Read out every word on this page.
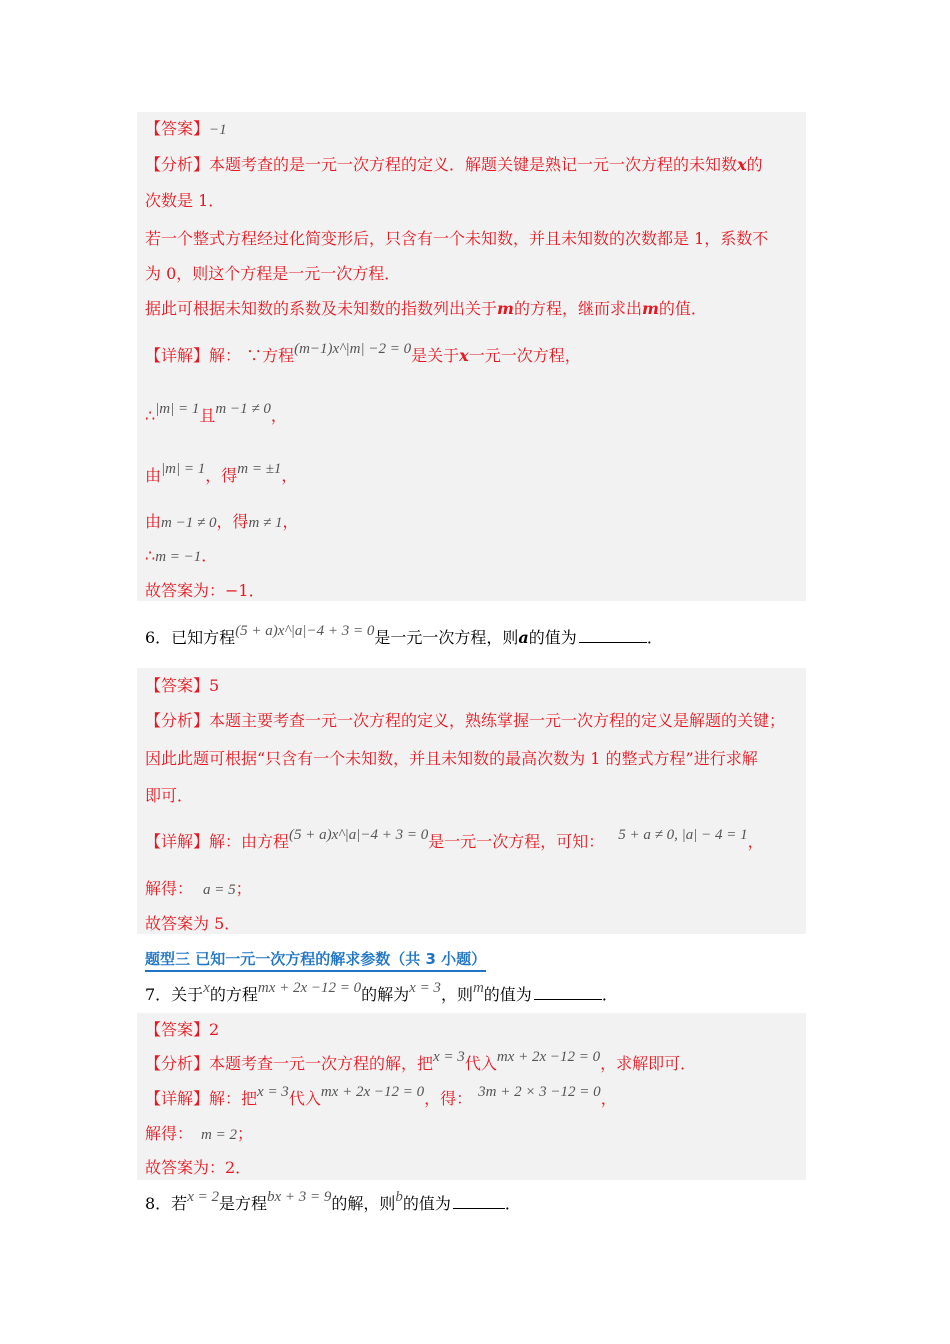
【答案】−1
【分析】本题考查的是一元一次方程的定义．解题关键是熟记一元一次方程的未知数x的
次数是 1．
若一个整式方程经过化简变形后，只含有一个未知数，并且未知数的次数都是 1，系数不
为 0，则这个方程是一元一次方程．
据此可根据未知数的系数及未知数的指数列出关于m的方程，继而求出m的值．
【详解】解： ∵方程(m−1)x^|m| −2 = 0是关于x一元一次方程，
∴|m| = 1且m −1 ≠ 0，
由|m| = 1，得m = ±1，
由m −1 ≠ 0，得m ≠ 1，
∴m = −1．
故答案为：−1．
6．已知方程(5 + a)x^|a|−4 + 3 = 0是一元一次方程，则a的值为	．
【答案】5
【分析】本题主要考查一元一次方程的定义，熟练掌握一元一次方程的定义是解题的关键；
因此此题可根据“只含有一个未知数，并且未知数的最高次数为 1 的整式方程”进行求解
即可．
【详解】解：由方程(5 + a)x^|a|−4 + 3 = 0是一元一次方程，可知： 5 + a ≠ 0, |a| − 4 = 1，
解得： a = 5；
故答案为 5．
题型三 已知一元一次方程的解求参数（共 3 小题）
7．关于x的方程mx + 2x −12 = 0的解为x = 3，则m的值为	．
【答案】2
【分析】本题考查一元一次方程的解，把x = 3代入mx + 2x −12 = 0，求解即可．
【详解】解：把x = 3代入mx + 2x −12 = 0，得： 3m + 2 × 3 −12 = 0，
解得： m = 2；
故答案为：2．
8．若x = 2是方程bx + 3 = 9的解，则b的值为	．
